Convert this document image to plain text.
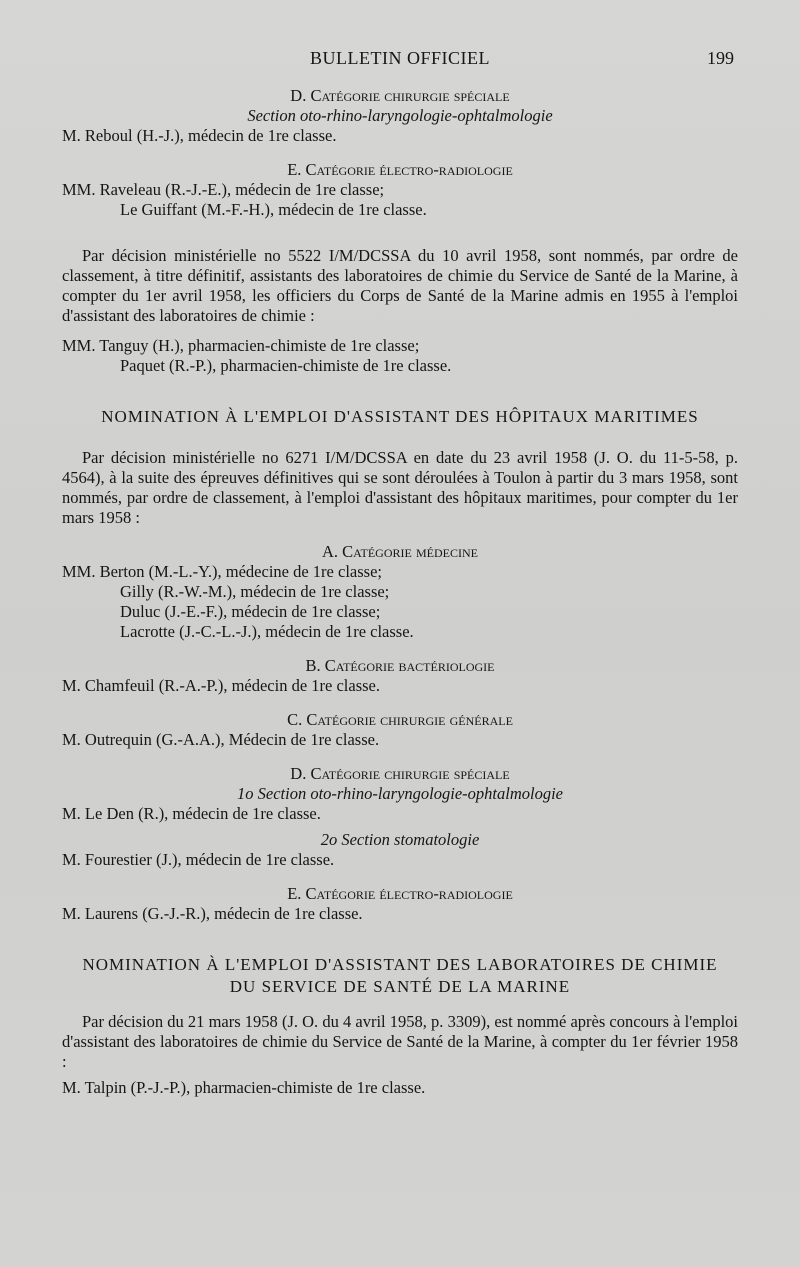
BULLETIN OFFICIEL	199
D. Catégorie chirurgie spéciale
Section oto-rhino-laryngologie-ophtalmologie
M. Reboul (H.-J.), médecin de 1re classe.
E. Catégorie électro-radiologie
MM. Raveleau (R.-J.-E.), médecin de 1re classe;
Le Guiffant (M.-F.-H.), médecin de 1re classe.
Par décision ministérielle no 5522 I/M/DCSSA du 10 avril 1958, sont nommés, par ordre de classement, à titre définitif, assistants des laboratoires de chimie du Service de Santé de la Marine, à compter du 1er avril 1958, les officiers du Corps de Santé de la Marine admis en 1955 à l'emploi d'assistant des laboratoires de chimie :
MM. Tanguy (H.), pharmacien-chimiste de 1re classe;
Paquet (R.-P.), pharmacien-chimiste de 1re classe.
NOMINATION À L'EMPLOI D'ASSISTANT DES HÔPITAUX MARITIMES
Par décision ministérielle no 6271 I/M/DCSSA en date du 23 avril 1958 (J. O. du 11-5-58, p. 4564), à la suite des épreuves définitives qui se sont déroulées à Toulon à partir du 3 mars 1958, sont nommés, par ordre de classement, à l'emploi d'assistant des hôpitaux maritimes, pour compter du 1er mars 1958 :
A. Catégorie médecine
MM. Berton (M.-L.-Y.), médecine de 1re classe;
Gilly (R.-W.-M.), médecin de 1re classe;
Duluc (J.-E.-F.), médecin de 1re classe;
Lacrotte (J.-C.-L.-J.), médecin de 1re classe.
B. Catégorie bactériologie
M. Chamfeuil (R.-A.-P.), médecin de 1re classe.
C. Catégorie chirurgie générale
M. Outrequin (G.-A.A.), Médecin de 1re classe.
D. Catégorie chirurgie spéciale
1o Section oto-rhino-laryngologie-ophtalmologie
M. Le Den (R.), médecin de 1re classe.
2o Section stomatologie
M. Fourestier (J.), médecin de 1re classe.
E. Catégorie électro-radiologie
M. Laurens (G.-J.-R.), médecin de 1re classe.
NOMINATION À L'EMPLOI D'ASSISTANT DES LABORATOIRES DE CHIMIE
DU SERVICE DE SANTÉ DE LA MARINE
Par décision du 21 mars 1958 (J. O. du 4 avril 1958, p. 3309), est nommé après concours à l'emploi d'assistant des laboratoires de chimie du Service de Santé de la Marine, à compter du 1er février 1958 :
M. Talpin (P.-J.-P.), pharmacien-chimiste de 1re classe.
